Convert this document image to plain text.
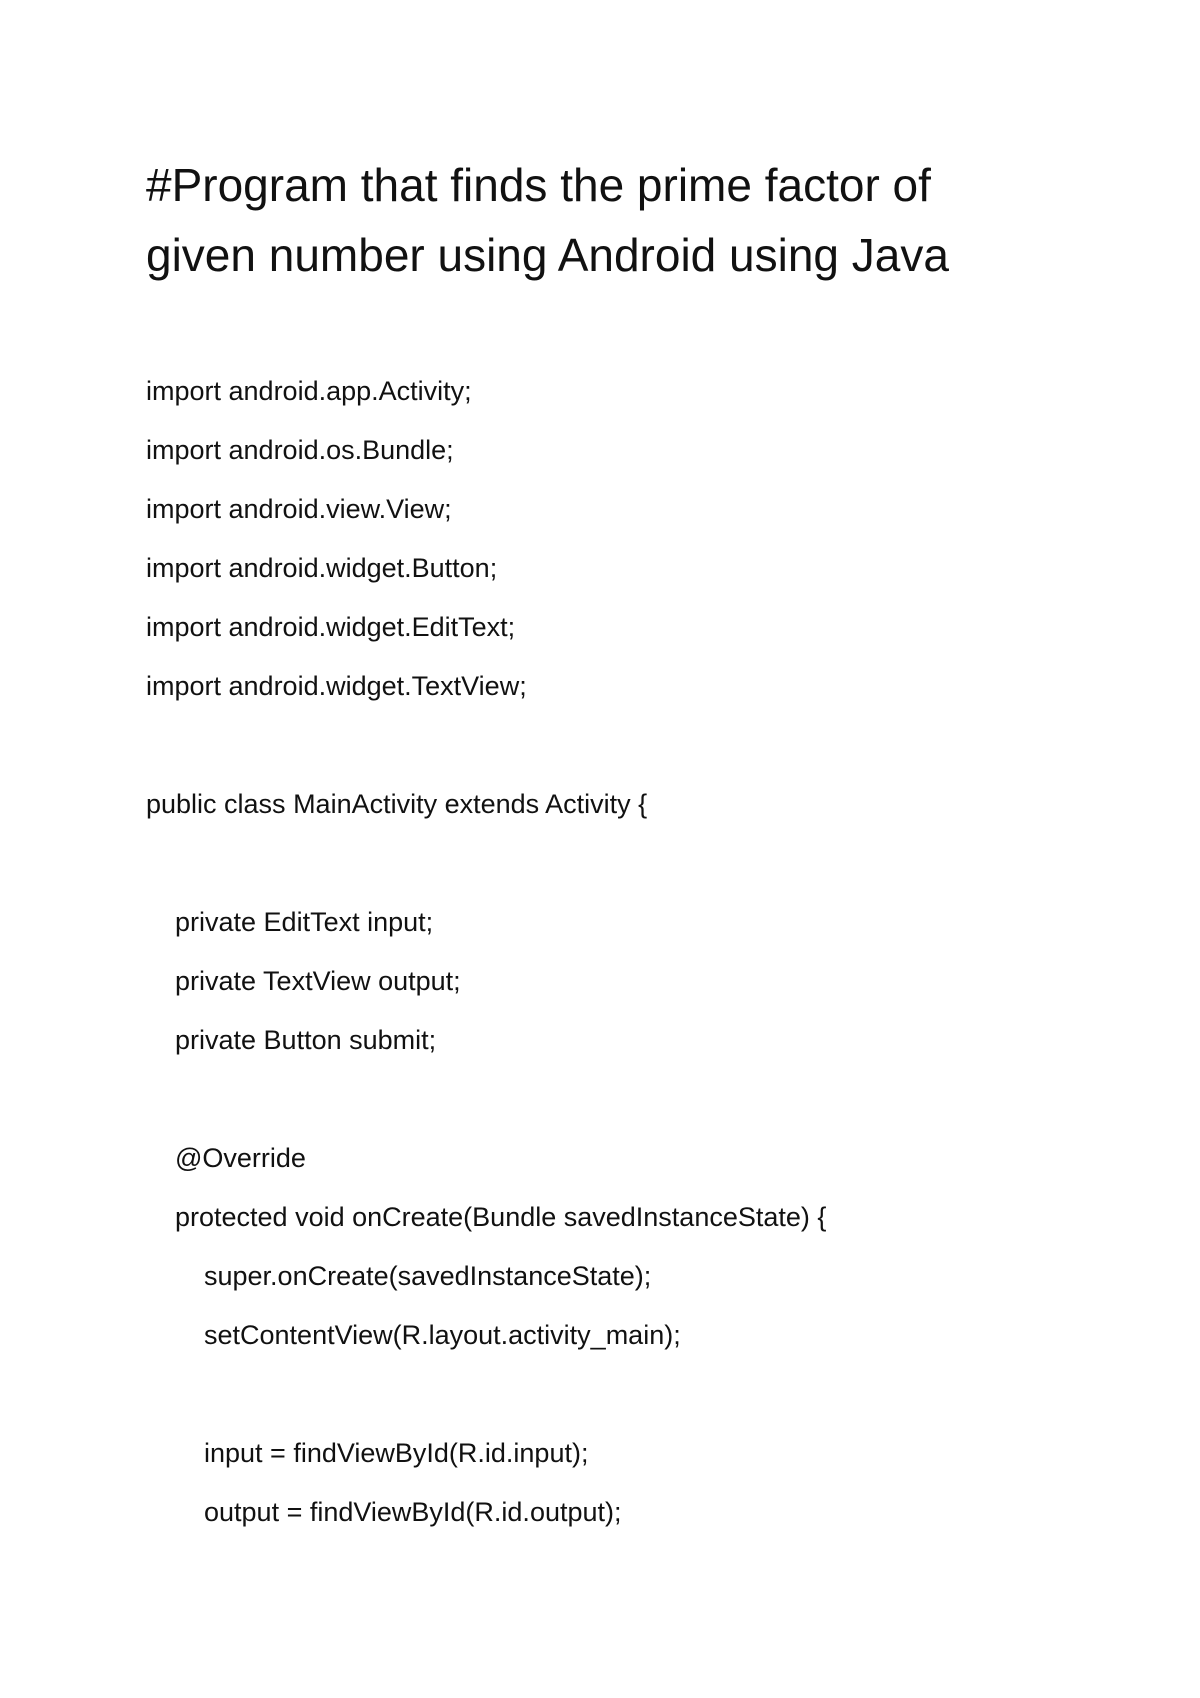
#Program that finds the prime factor of
given number using Android using Java
import android.app.Activity;
import android.os.Bundle;
import android.view.View;
import android.widget.Button;
import android.widget.EditText;
import android.widget.TextView;
public class MainActivity extends Activity {
private EditText input;
private TextView output;
private Button submit;
@Override
protected void onCreate(Bundle savedInstanceState) {
super.onCreate(savedInstanceState);
setContentView(R.layout.activity_main);
input = findViewById(R.id.input);
output = findViewById(R.id.output);
